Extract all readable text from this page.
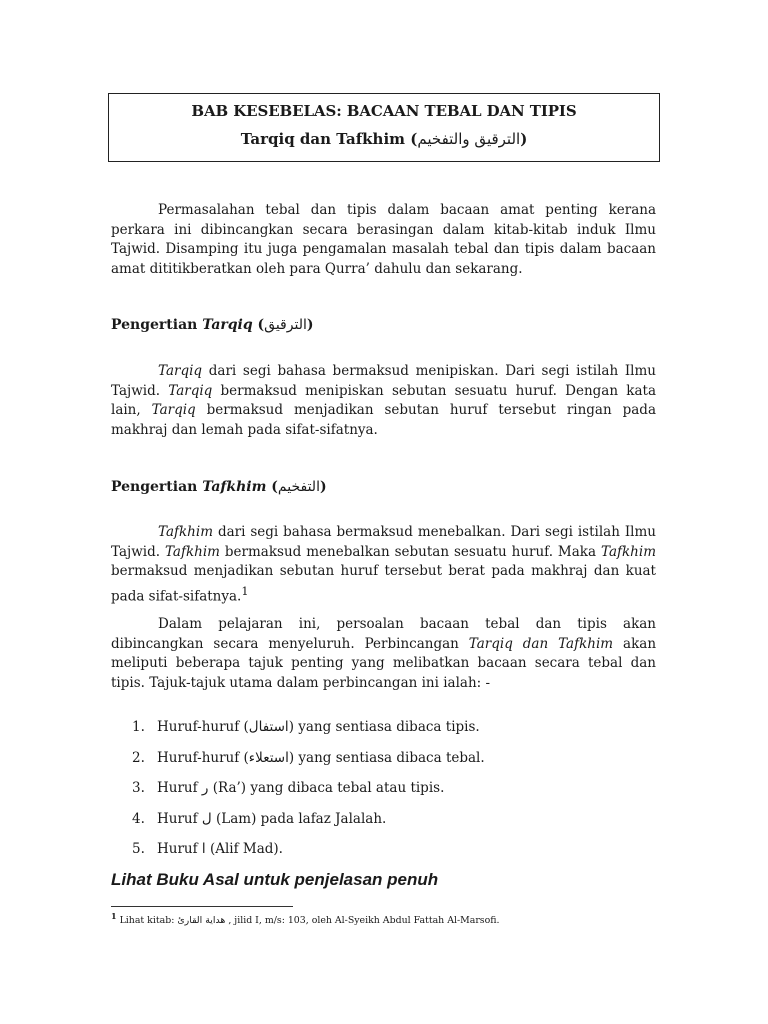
BAB KESEBELAS: BACAAN TEBAL DAN TIPIS
Tarqiq dan Tafkhim (الترقيق والتفخيم)

Permasalahan tebal dan tipis dalam bacaan amat penting kerana perkara ini dibincangkan secara berasingan dalam kitab-kitab induk Ilmu Tajwid. Disamping itu juga pengamalan masalah tebal dan tipis dalam bacaan amat dititikberatkan oleh para Qurra’ dahulu dan sekarang.

Pengertian Tarqiq (الترقيق)

Tarqiq dari segi bahasa bermaksud menipiskan. Dari segi istilah Ilmu Tajwid. Tarqiq bermaksud menipiskan sebutan sesuatu huruf. Dengan kata lain, Tarqiq bermaksud menjadikan sebutan huruf tersebut ringan pada makhraj dan lemah pada sifat-sifatnya.

Pengertian Tafkhim (التفخيم)

Tafkhim dari segi bahasa bermaksud menebalkan. Dari segi istilah Ilmu Tajwid. Tafkhim bermaksud menebalkan sebutan sesuatu huruf. Maka Tafkhim bermaksud menjadikan sebutan huruf tersebut berat pada makhraj dan kuat pada sifat-sifatnya.$^1$

Dalam pelajaran ini, persoalan bacaan tebal dan tipis akan dibincangkan secara menyeluruh. Perbincangan Tarqiq dan Tafkhim akan meliputi beberapa tajuk penting yang melibatkan bacaan secara tebal dan tipis. Tajuk-tajuk utama dalam perbincangan ini ialah: -

1. Huruf-huruf (استفال) yang sentiasa dibaca tipis.
2. Huruf-huruf (استعلاء) yang sentiasa dibaca tebal.
3. Huruf ر (Ra’) yang dibaca tebal atau tipis.
4. Huruf ل (Lam) pada lafaz Jalalah.
5. Huruf ا (Alif Mad).

Lihat Buku Asal untuk penjelasan penuh

$^1$ Lihat kitab: هداية القارئ , jilid I, m/s: 103, oleh Al-Syeikh Abdul Fattah Al-Marsofi.
